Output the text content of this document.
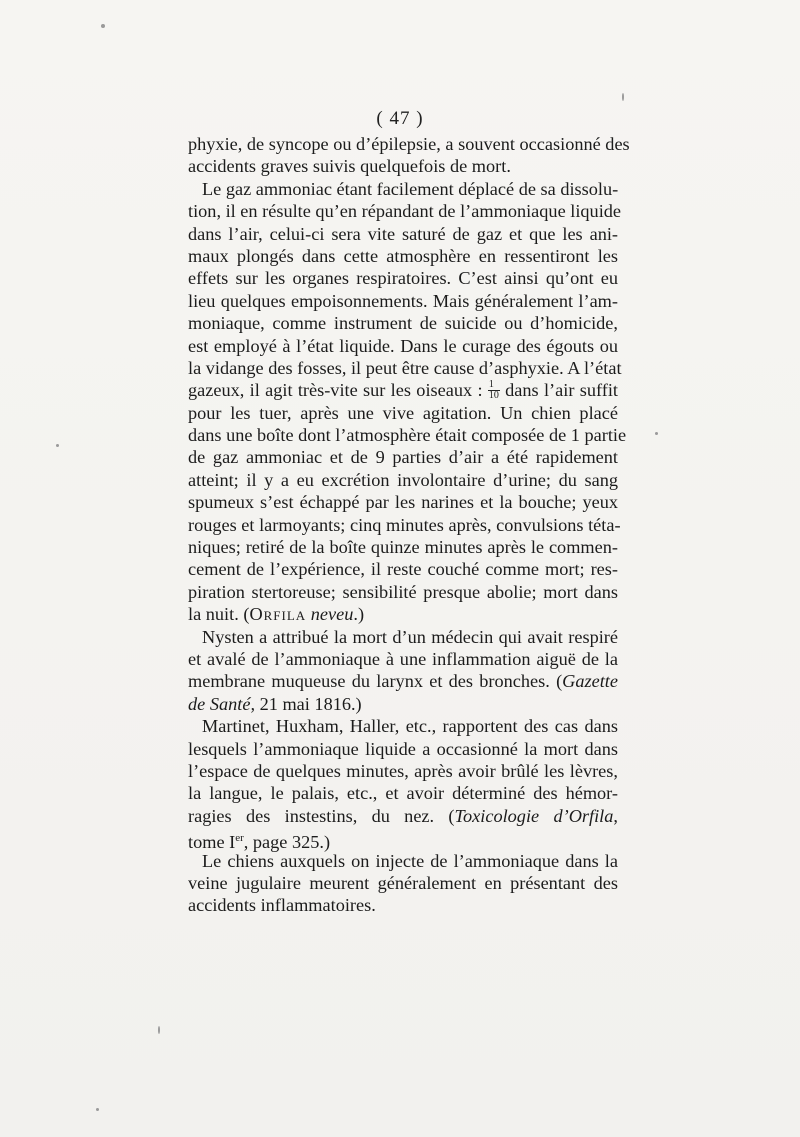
( 47 )
phyxie, de syncope ou d’épilepsie, a souvent occasionné des
accidents graves suivis quelquefois de mort.
Le gaz ammoniac étant facilement déplacé de sa dissolu-
tion, il en résulte qu’en répandant de l’ammoniaque liquide
dans l’air, celui-ci sera vite saturé de gaz et que les ani-
maux plongés dans cette atmosphère en ressentiront les
effets sur les organes respiratoires. C’est ainsi qu’ont eu
lieu quelques empoisonnements. Mais généralement l’am-
moniaque, comme instrument de suicide ou d’homicide,
est employé à l’état liquide. Dans le curage des égouts ou
la vidange des fosses, il peut être cause d’asphyxie. A l’état
gazeux, il agit très-vite sur les oiseaux : $\frac{1}{10}$ dans l’air suffit
pour les tuer, après une vive agitation. Un chien placé
dans une boîte dont l’atmosphère était composée de 1 partie
de gaz ammoniac et de 9 parties d’air a été rapidement
atteint; il y a eu excrétion involontaire d’urine; du sang
spumeux s’est échappé par les narines et la bouche; yeux
rouges et larmoyants; cinq minutes après, convulsions téta-
niques; retiré de la boîte quinze minutes après le commen-
cement de l’expérience, il reste couché comme mort; res-
piration stertoreuse; sensibilité presque abolie; mort dans
la nuit. (Orfila neveu.)
Nysten a attribué la mort d’un médecin qui avait respiré
et avalé de l’ammoniaque à une inflammation aiguë de la
membrane muqueuse du larynx et des bronches. (Gazette
de Santé, 21 mai 1816.)
Martinet, Huxham, Haller, etc., rapportent des cas dans
lesquels l’ammoniaque liquide a occasionné la mort dans
l’espace de quelques minutes, après avoir brûlé les lèvres,
la langue, le palais, etc., et avoir déterminé des hémor-
ragies des instestins, du nez. (Toxicologie d’Orfila,
tome Ier, page 325.)
Le chiens auxquels on injecte de l’ammoniaque dans la
veine jugulaire meurent généralement en présentant des
accidents inflammatoires.
